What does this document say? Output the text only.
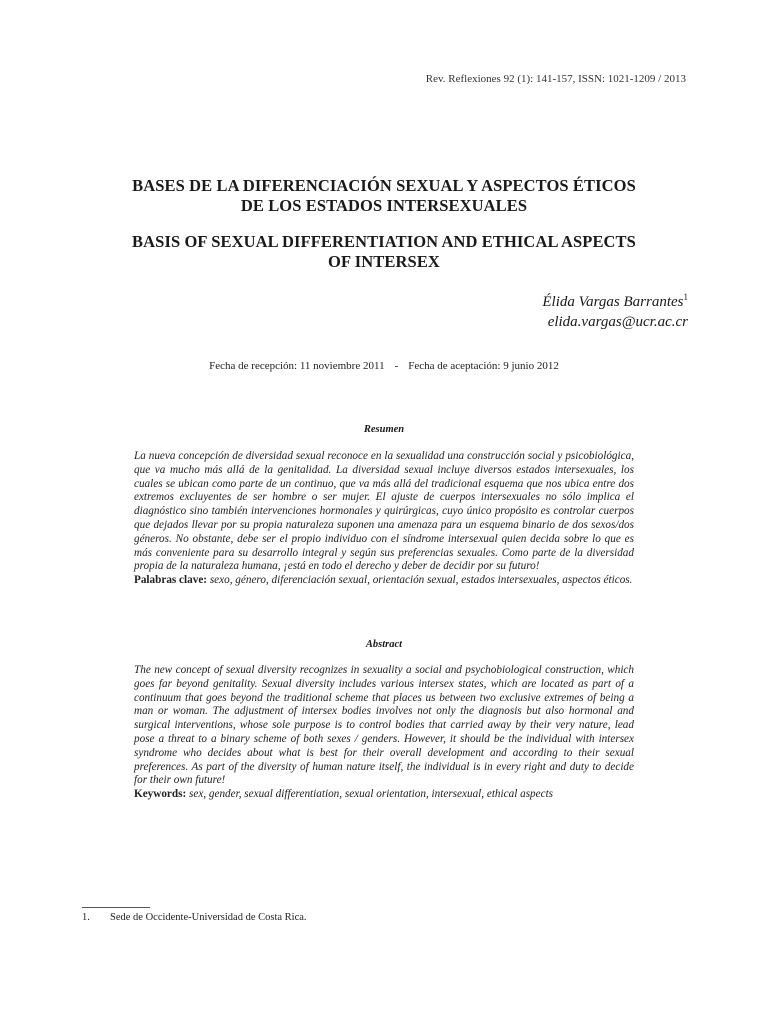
Rev. Reflexiones 92 (1): 141-157, ISSN: 1021-1209 / 2013

BASES DE LA DIFERENCIACIÓN SEXUAL Y ASPECTOS ÉTICOS
DE LOS ESTADOS INTERSEXUALES

BASIS OF SEXUAL DIFFERENTIATION AND ETHICAL ASPECTS
OF INTERSEX

Élida Vargas Barrantes$^1$
elida.vargas@ucr.ac.cr
Fecha de recepción: 11 noviembre 2011 - Fecha de aceptación: 9 junio 2012
Resumen

La nueva concepción de diversidad sexual reconoce en la sexualidad una construcción social y psicobiológica, que va mucho más allá de la genitalidad. La diversidad sexual incluye diversos estados intersexuales, los cuales se ubican como parte de un continuo, que va más allá del tradicional esquema que nos ubica entre dos extremos excluyentes de ser hombre o ser mujer. El ajuste de cuerpos intersexuales no sólo implica el diagnóstico sino también intervenciones hormonales y quirúrgicas, cuyo único propósito es controlar cuerpos que dejados llevar por su propia naturaleza suponen una amenaza para un esquema binario de dos sexos/dos géneros. No obstante, debe ser el propio individuo con el síndrome intersexual quien decida sobre lo que es más conveniente para su desarrollo integral y según sus preferencias sexuales. Como parte de la diversidad propia de la naturaleza humana, ¡está en todo el derecho y deber de decidir por su futuro!

Palabras clave: sexo, género, diferenciación sexual, orientación sexual, estados intersexuales, aspectos éticos.

Abstract

The new concept of sexual diversity recognizes in sexuality a social and psychobiological construction, which goes far beyond genitality. Sexual diversity includes various intersex states, which are located as part of a continuum that goes beyond the traditional scheme that places us between two exclusive extremes of being a man or woman. The adjustment of intersex bodies involves not only the diagnosis but also hormonal and surgical interventions, whose sole purpose is to control bodies that carried away by their very nature, lead pose a threat to a binary scheme of both sexes / genders. However, it should be the individual with intersex syndrome who decides about what is best for their overall development and according to their sexual preferences. As part of the diversity of human nature itself, the individual is in every right and duty to decide for their own future!

Keywords: sex, gender, sexual differentiation, sexual orientation, intersexual, ethical aspects

1. Sede de Occidente-Universidad de Costa Rica.
